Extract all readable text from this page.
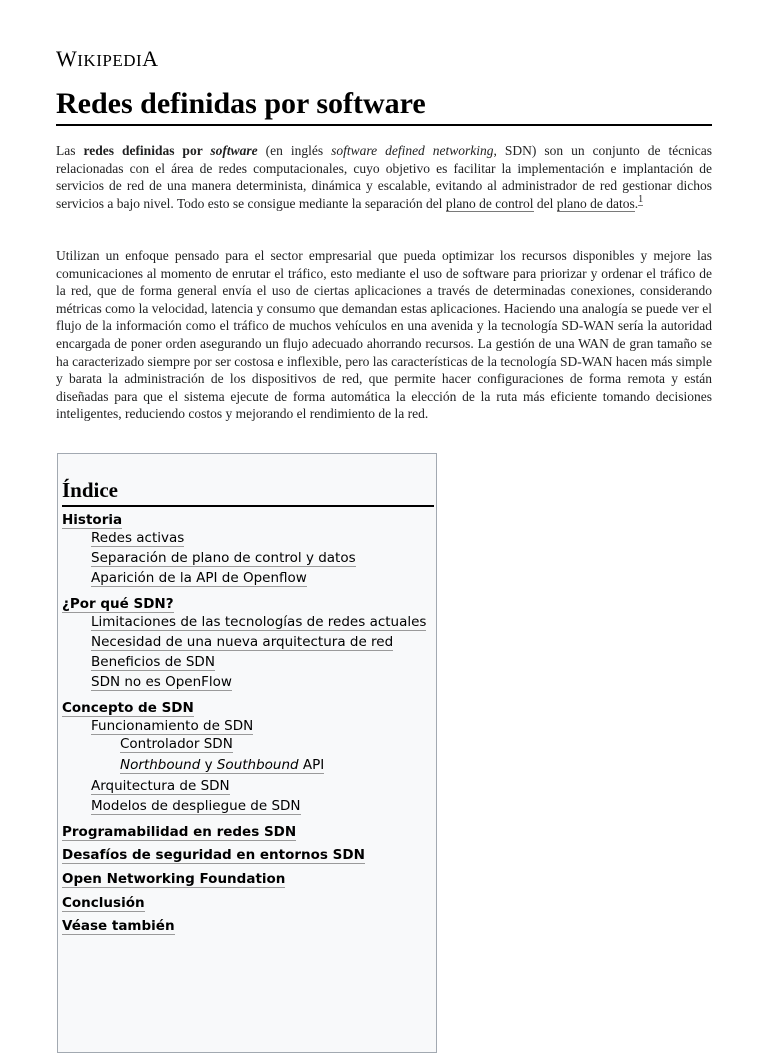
WIKIPEDIA
Redes definidas por software

Las redes definidas por software (en inglés software defined networking, SDN) son un conjunto de técnicas relacionadas con el área de redes computacionales, cuyo objetivo es facilitar la implementación e implantación de servicios de red de una manera determinista, dinámica y escalable, evitando al administrador de red gestionar dichos servicios a bajo nivel. Todo esto se consigue mediante la separación del plano de control del plano de datos.$^1$

Utilizan un enfoque pensado para el sector empresarial que pueda optimizar los recursos disponibles y mejore las comunicaciones al momento de enrutar el tráfico, esto mediante el uso de software para priorizar y ordenar el tráfico de la red, que de forma general envía el uso de ciertas aplicaciones a través de determinadas conexiones, considerando métricas como la velocidad, latencia y consumo que demandan estas aplicaciones. Haciendo una analogía se puede ver el flujo de la información como el tráfico de muchos vehículos en una avenida y la tecnología SD-WAN sería la autoridad encargada de poner orden asegurando un flujo adecuado ahorrando recursos. La gestión de una WAN de gran tamaño se ha caracterizado siempre por ser costosa e inflexible, pero las características de la tecnología SD-WAN hacen más simple y barata la administración de los dispositivos de red, que permite hacer configuraciones de forma remota y están diseñadas para que el sistema ejecute de forma automática la elección de la ruta más eficiente tomando decisiones inteligentes, reduciendo costos y mejorando el rendimiento de la red.

Índice
Historia
Redes activas
Separación de plano de control y datos
Aparición de la API de Openflow
¿Por qué SDN?
Limitaciones de las tecnologías de redes actuales
Necesidad de una nueva arquitectura de red
Beneficios de SDN
SDN no es OpenFlow
Concepto de SDN
Funcionamiento de SDN
Controlador SDN
Northbound y Southbound API
Arquitectura de SDN
Modelos de despliegue de SDN
Programabilidad en redes SDN
Desafíos de seguridad en entornos SDN
Open Networking Foundation
Conclusión
Véase también
